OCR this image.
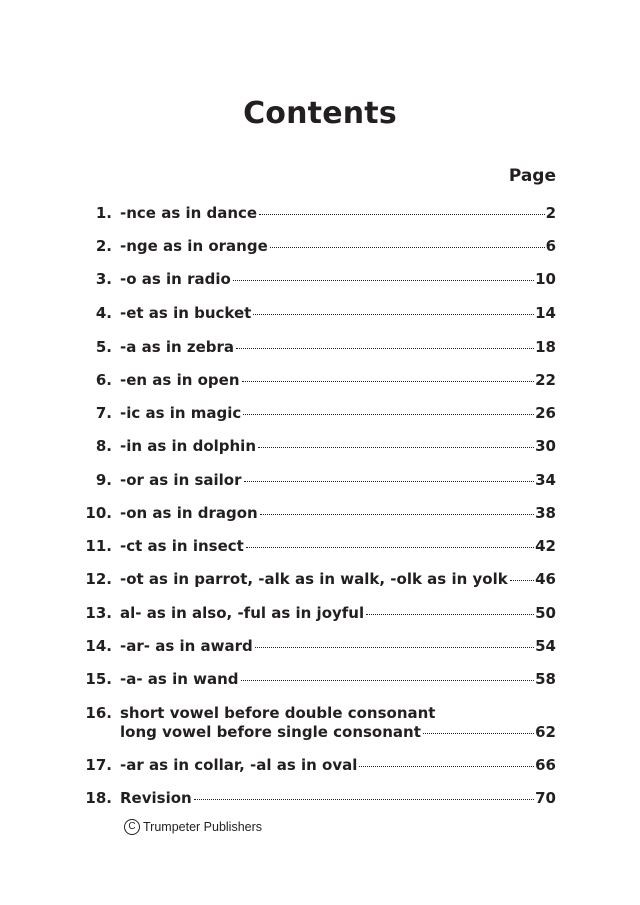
Contents
Page
1. -nce as in dance	2
2. -nge as in orange	6
3. -o as in radio	10
4. -et as in bucket	14
5. -a as in zebra	18
6. -en as in open	22
7. -ic as in magic	26
8. -in as in dolphin	30
9. -or as in sailor	34
10. -on as in dragon	38
11. -ct as in insect	42
12. -ot as in parrot, -alk as in walk, -olk as in yolk 46
13. al- as in also, -ful as in joyful	50
14. -ar- as in award	54
15. -a- as in wand	58
16. short vowel before double consonant
long vowel before single consonant	62
17. -ar as in collar, -al as in oval	66
18. Revision	70
C Trumpeter Publishers
